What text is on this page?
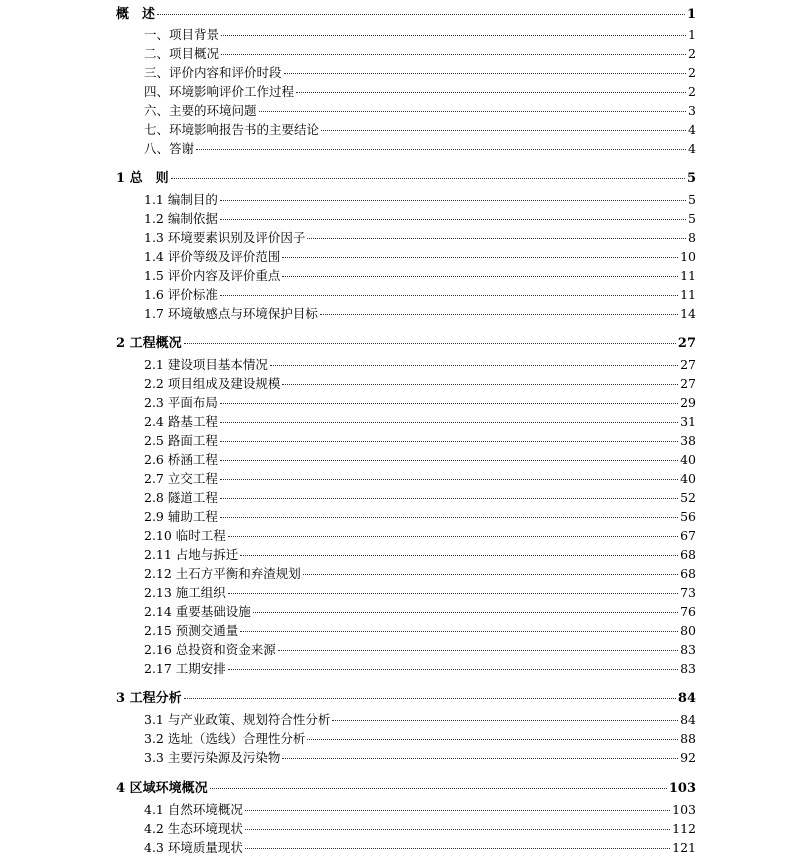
概　述	1
一、项目背景	1
二、项目概况	2
三、评价内容和评价时段	2
四、环境影响评价工作过程	2
六、主要的环境问题	3
七、环境影响报告书的主要结论	4
八、答谢	4
1 总　则	5
1.1 编制目的	5
1.2 编制依据	5
1.3 环境要素识别及评价因子	8
1.4 评价等级及评价范围	10
1.5 评价内容及评价重点	11
1.6 评价标准	11
1.7 环境敏感点与环境保护目标	14
2 工程概况	27
2.1 建设项目基本情况	27
2.2 项目组成及建设规模	27
2.3 平面布局	29
2.4 路基工程	31
2.5 路面工程	38
2.6 桥涵工程	40
2.7 立交工程	40
2.8 隧道工程	52
2.9 辅助工程	56
2.10 临时工程	67
2.11 占地与拆迁	68
2.12 土石方平衡和弃渣规划	68
2.13 施工组织	73
2.14 重要基础设施	76
2.15 预测交通量	80
2.16 总投资和资金来源	83
2.17 工期安排	83
3 工程分析	84
3.1 与产业政策、规划符合性分析	84
3.2 选址（选线）合理性分析	88
3.3 主要污染源及污染物	92
4 区域环境概况	103
4.1 自然环境概况	103
4.2 生态环境现状	112
4.3 环境质量现状	121
